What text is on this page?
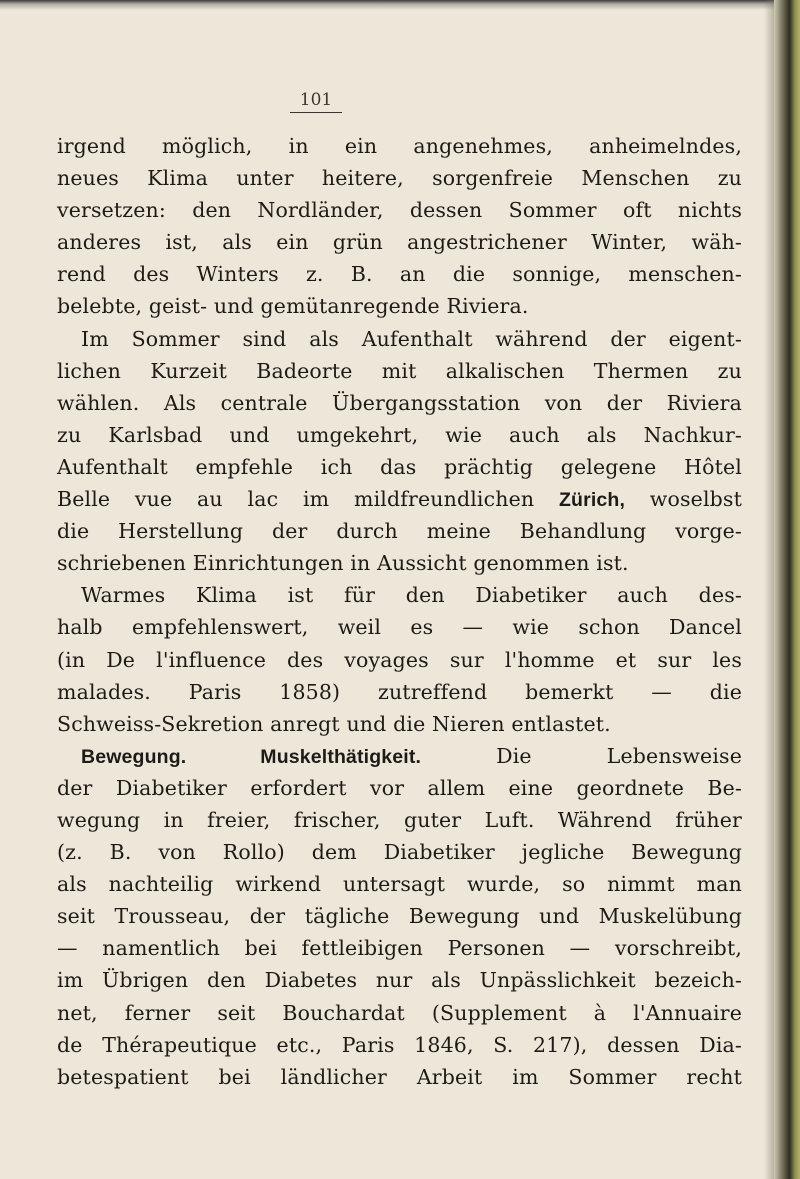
101
irgend möglich, in ein angenehmes, anheimelndes,
neues Klima unter heitere, sorgenfreie Menschen zu
versetzen: den Nordländer, dessen Sommer oft nichts
anderes ist, als ein grün angestrichener Winter, wäh-
rend des Winters z. B. an die sonnige, menschen-
belebte, geist- und gemütanregende Riviera.
Im Sommer sind als Aufenthalt während der eigent-
lichen Kurzeit Badeorte mit alkalischen Thermen zu
wählen. Als centrale Übergangsstation von der Riviera
zu Karlsbad und umgekehrt, wie auch als Nachkur-
Aufenthalt empfehle ich das prächtig gelegene Hôtel
Belle vue au lac im mildfreundlichen Zürich, woselbst
die Herstellung der durch meine Behandlung vorge-
schriebenen Einrichtungen in Aussicht genommen ist.
Warmes Klima ist für den Diabetiker auch des-
halb empfehlenswert, weil es — wie schon Dancel
(in De l'influence des voyages sur l'homme et sur les
malades. Paris 1858) zutreffend bemerkt — die
Schweiss-Sekretion anregt und die Nieren entlastet.
Bewegung. Muskelthätigkeit. Die Lebensweise
der Diabetiker erfordert vor allem eine geordnete Be-
wegung in freier, frischer, guter Luft. Während früher
(z. B. von Rollo) dem Diabetiker jegliche Bewegung
als nachteilig wirkend untersagt wurde, so nimmt man
seit Trousseau, der tägliche Bewegung und Muskelübung
— namentlich bei fettleibigen Personen — vorschreibt,
im Übrigen den Diabetes nur als Unpässlichkeit bezeich-
net, ferner seit Bouchardat (Supplement à l'Annuaire
de Thérapeutique etc., Paris 1846, S. 217), dessen Dia-
betespatient bei ländlicher Arbeit im Sommer recht
